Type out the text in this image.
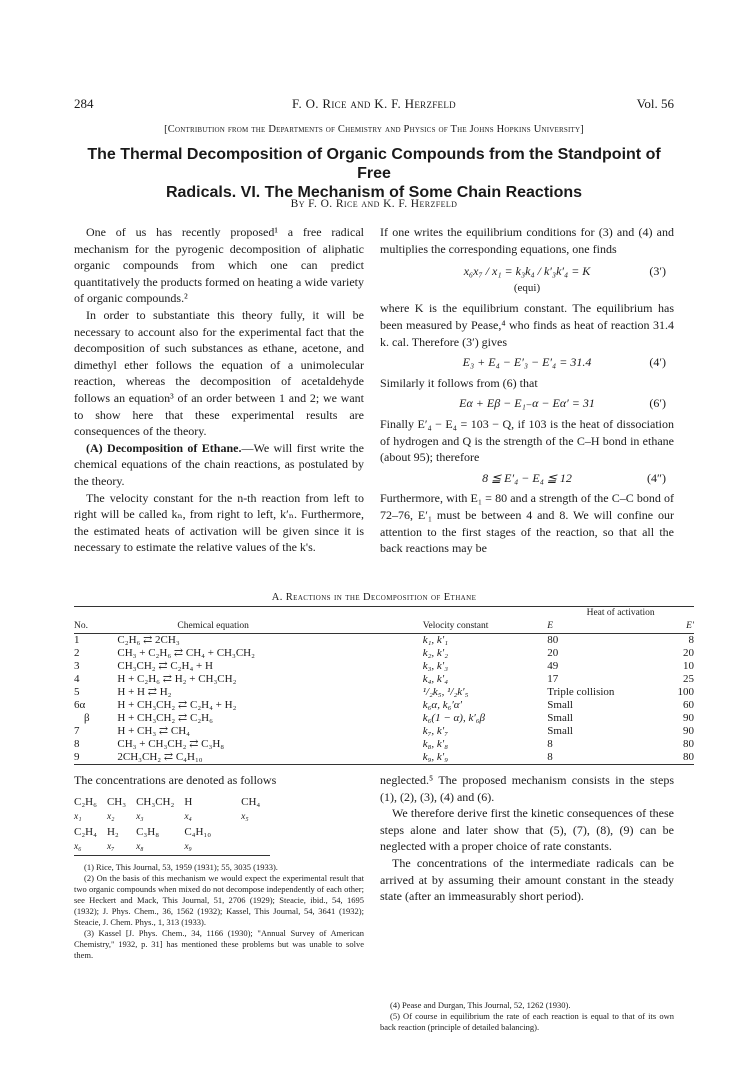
284	F. O. Rice and K. F. Herzfeld	Vol. 56
[Contribution from the Departments of Chemistry and Physics of The Johns Hopkins University]
The Thermal Decomposition of Organic Compounds from the Standpoint of Free
Radicals. VI. The Mechanism of Some Chain Reactions
By F. O. Rice and K. F. Herzfeld

One of us has recently proposed¹ a free radical mechanism for the pyrogenic decomposition of aliphatic organic compounds from which one can predict quantitatively the products formed on heating a wide variety of organic compounds.²

In order to substantiate this theory fully, it will be necessary to account also for the experimental fact that the decomposition of such substances as ethane, acetone, and dimethyl ether follows the equation of a unimolecular reaction, whereas the decomposition of acetaldehyde follows an equation³ of an order between 1 and 2; we want to show here that these experimental results are consequences of the theory.

(A) Decomposition of Ethane.—We will first write the chemical equations of the chain reactions, as postulated by the theory.

The velocity constant for the n-th reaction from left to right will be called kₙ, from right to left, k′ₙ. Furthermore, the estimated heats of activation will be given since it is necessary to estimate the relative values of the k's.

If one writes the equilibrium conditions for (3) and (4) and multiplies the corresponding equations, one finds

x₆x₇ / x₁ = k₃k₄ / k′₃k′₄ = K	(3′)
(equi)

where K is the equilibrium constant. The equilibrium has been measured by Pease,⁴ who finds as heat of reaction 31.4 k. cal. Therefore (3′) gives

E₃ + E₄ − E′₃ − E′₄ = 31.4	(4′)

Similarly it follows from (6) that

Eα + Eβ − E₁₋α − Eα′ = 31	(6′)

Finally E′₄ − E₄ = 103 − Q, if 103 is the heat of dissociation of hydrogen and Q is the strength of the C–H bond in ethane (about 95); therefore

8 ≦ E′₄ − E₄ ≦ 12	(4″)

Furthermore, with E₁ = 80 and a strength of the C–C bond of 72–76, E′₁ must be between 4 and 8. We will confine our attention to the first stages of the reaction, so that all the back reactions may be

A. Reactions in the Decomposition of Ethane
			Heat of activation	
No.	Chemical equation	Velocity constant	E	E′
1	C₂H₆ ⇄ 2CH₃	k₁, k′₁	80	8
2	CH₃ + C₂H₆ ⇄ CH₄ + CH₃CH₂	k₂, k′₂	20	20
3	CH₃CH₂ ⇄ C₂H₄ + H	k₃, k′₃	49	10
4	H + C₂H₆ ⇄ H₂ + CH₃CH₂	k₄, k′₄	17	25
5	H + H ⇄ H₂	¹/₂k₅, ¹/₂k′₅	Triple collision	100
6α	H + CH₃CH₂ ⇄ C₂H₄ + H₂	k₆α, k₆′α′	Small	60
β	H + CH₃CH₂ ⇄ C₂H₆	k₆(1 − α), k′₆β	Small	90
7	H + CH₃ ⇄ CH₄	k₇, k′₇	Small	90
8	CH₃ + CH₃CH₂ ⇄ C₃H₈	k₈, k′₈	8	80
9	2CH₃CH₂ ⇄ C₄H₁₀	k₉, k′₉	8	80

The concentrations are denoted as follows

C₂H₆	CH₃	CH₃CH₂	H	CH₄
x₁	x₂	x₃	x₄	x₅
C₂H₄	H₂	C₃H₈	C₄H₁₀	
x₆	x₇	x₈	x₉	

(1) Rice, This Journal, 53, 1959 (1931); 55, 3035 (1933).

(2) On the basis of this mechanism we would expect the experimental result that two organic compounds when mixed do not decompose independently of each other; see Heckert and Mack, This Journal, 51, 2706 (1929); Steacie, ibid., 54, 1695 (1932); J. Phys. Chem., 36, 1562 (1932); Kassel, This Journal, 54, 3641 (1932); Steacie, J. Chem. Phys., 1, 313 (1933).

(3) Kassel [J. Phys. Chem., 34, 1166 (1930); "Annual Survey of American Chemistry," 1932, p. 31] has mentioned these problems but was unable to solve them.

neglected.⁵ The proposed mechanism consists in the steps (1), (2), (3), (4) and (6).

We therefore derive first the kinetic consequences of these steps alone and later show that (5), (7), (8), (9) can be neglected with a proper choice of rate constants.

The concentrations of the intermediate radicals can be arrived at by assuming their amount constant in the steady state (after an immeasurably short period).

(4) Pease and Durgan, This Journal, 52, 1262 (1930).

(5) Of course in equilibrium the rate of each reaction is equal to that of its own back reaction (principle of detailed balancing).
